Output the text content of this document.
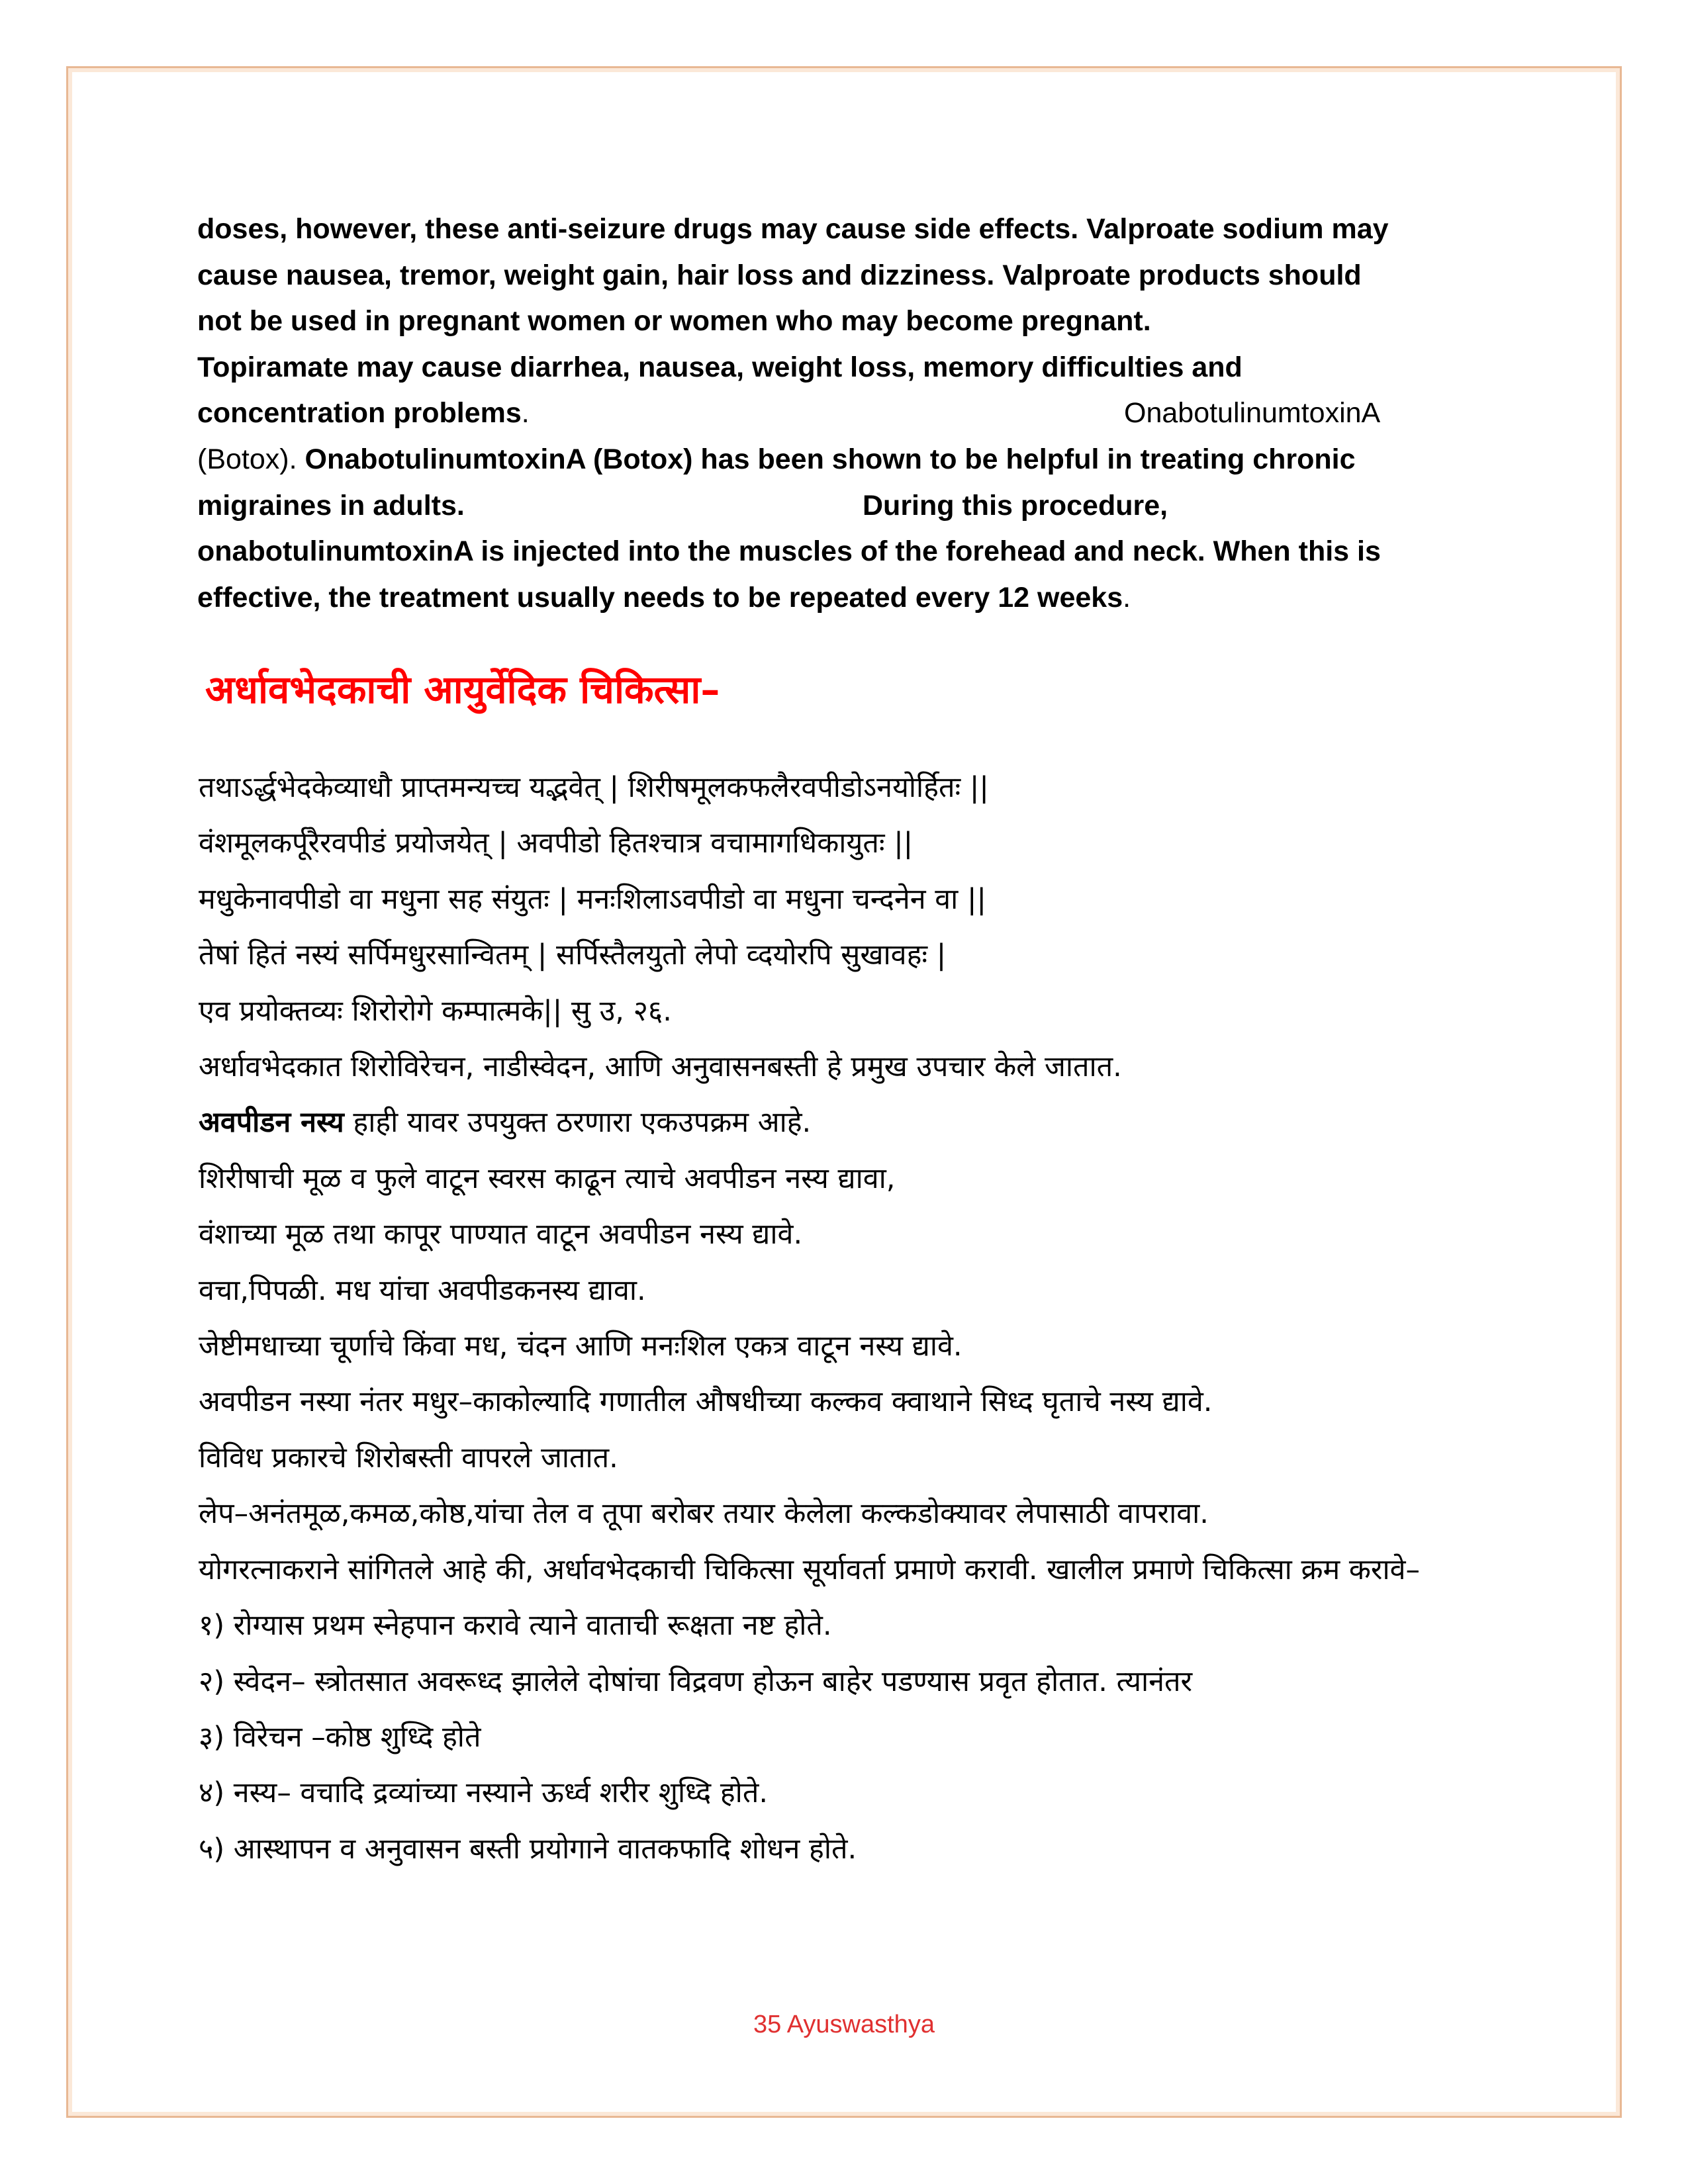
doses, however, these anti-seizure drugs may cause side effects. Valproate sodium may
cause nausea, tremor, weight gain, hair loss and dizziness. Valproate products should
not be used in pregnant women or women who may become pregnant.
Topiramate may cause diarrhea, nausea, weight loss, memory difficulties and
concentration problems.	OnabotulinumtoxinA
(Botox). OnabotulinumtoxinA (Botox) has been shown to be helpful in treating chronic
migraines in adults.	During this procedure,
onabotulinumtoxinA is injected into the muscles of the forehead and neck. When this is
effective, the treatment usually needs to be repeated every 12 weeks.
अर्धावभेदकाची आयुर्वेदिक चिकित्सा–
तथाऽर्द्धभेदकेव्याधौ प्राप्तमन्यच्च यद्भवेत् | शिरीषमूलकफलैरवपीडोऽनयोर्हितः ||
वंशमूलकर्पूरैरवपीडं प्रयोजयेत् | अवपीडो हितश्चात्र वचामागधिकायुतः ||
मधुकेनावपीडो वा मधुना सह संयुतः | मनःशिलाऽवपीडो वा मधुना चन्दनेन वा ||
तेषां हितं नस्यं सर्पिमधुरसान्वितम् | सर्पिस्तैलयुतो लेपो व्दयोरपि सुखावहः |
एव प्रयोक्तव्यः शिरोरोगे कम्पात्मके|| सु उ, २६.
अर्धावभेदकात शिरोविरेचन, नाडीस्वेदन, आणि अनुवासनबस्ती हे प्रमुख उपचार केले जातात.
अवपीडन नस्य हाही यावर उपयुक्त ठरणारा एकउपक्रम आहे.
शिरीषाची मूळ व फुले वाटून स्वरस काढून त्याचे अवपीडन नस्य द्यावा,
वंशाच्या मूळ तथा कापूर पाण्यात वाटून अवपीडन नस्य द्यावे.
वचा,पिपळी. मध यांचा अवपीडकनस्य द्यावा.
जेष्टीमधाच्या चूर्णाचे किंवा मध, चंदन आणि मनःशिल एकत्र वाटून नस्य द्यावे.
अवपीडन नस्या नंतर मधुर–काकोल्यादि गणातील औषधीच्या कल्कव क्वाथाने सिध्द घृताचे नस्य द्यावे.
विविध प्रकारचे शिरोबस्ती वापरले जातात.
लेप–अनंतमूळ,कमळ,कोष्ठ,यांचा तेल व तूपा बरोबर तयार केलेला कल्कडोक्यावर लेपासाठी वापरावा.
योगरत्नाकराने सांगितले आहे की, अर्धावभेदकाची चिकित्सा सूर्यावर्ता प्रमाणे करावी. खालील प्रमाणे चिकित्सा क्रम करावे–
१) रोग्यास प्रथम स्नेहपान करावे त्याने वाताची रूक्षता नष्ट होते.
२) स्वेदन– स्त्रोतसात अवरूध्द झालेले दोषांचा विद्रवण होऊन बाहेर पडण्यास प्रवृत होतात. त्यानंतर
३) विरेचन –कोष्ठ शुध्दि होते
४) नस्य– वचादि द्रव्यांच्या नस्याने ऊर्ध्व शरीर शुध्दि होते.
५) आस्थापन व अनुवासन बस्ती प्रयोगाने वातकफादि शोधन होते.
35 Ayuswasthya
